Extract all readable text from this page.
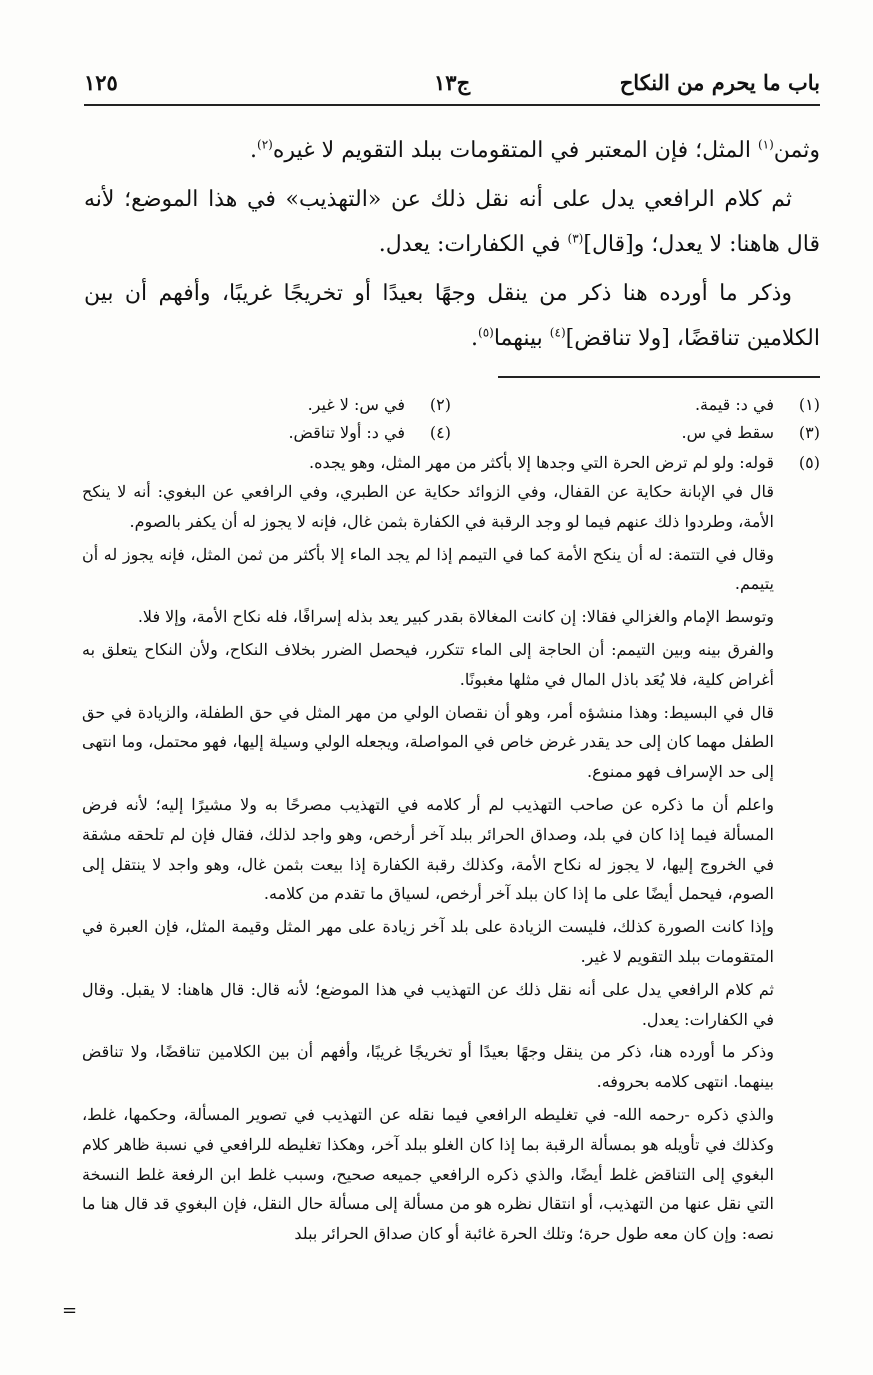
باب ما يحرم من النكاح
ج١٣
١٢٥

وثمن$^{(١)}$ المثل؛ فإن المعتبر في المتقومات ببلد التقويم لا غيره$^{(٢)}$.

ثم كلام الرافعي يدل على أنه نقل ذلك عن «التهذيب» في هذا الموضع؛ لأنه قال هاهنا: لا يعدل؛ و[قال]$^{(٣)}$ في الكفارات: يعدل.

وذكر ما أورده هنا ذكر من ينقل وجهًا بعيدًا أو تخريجًا غريبًا، وأفهم أن بين الكلامين تناقضًا، [ولا تناقض]$^{(٤)}$ بينهما$^{(٥)}$.

(١)في د: قيمة.
(٢)في س: لا غير.
(٣)سقط في س.
(٤)في د: أولا تناقض.
(٥)قوله: ولو لم ترض الحرة التي وجدها إلا بأكثر من مهر المثل، وهو يجده.

قال في الإبانة حكاية عن القفال، وفي الزوائد حكاية عن الطبري، وفي الرافعي عن البغوي: أنه لا ينكح الأمة، وطردوا ذلك عنهم فيما لو وجد الرقبة في الكفارة بثمن غال، فإنه لا يجوز له أن يكفر بالصوم.

وقال في التتمة: له أن ينكح الأمة كما في التيمم إذا لم يجد الماء إلا بأكثر من ثمن المثل، فإنه يجوز له أن يتيمم.

وتوسط الإمام والغزالي فقالا: إن كانت المغالاة بقدر كبير يعد بذله إسرافًا، فله نكاح الأمة، وإلا فلا.

والفرق بينه وبين التيمم: أن الحاجة إلى الماء تتكرر، فيحصل الضرر بخلاف النكاح، ولأن النكاح يتعلق به أغراض كلية، فلا يُعَد باذل المال في مثلها مغبونًا.

قال في البسيط: وهذا منشؤه أمر، وهو أن نقصان الولي من مهر المثل في حق الطفلة، والزيادة في حق الطفل مهما كان إلى حد يقدر غرض خاص في المواصلة، ويجعله الولي وسيلة إليها، فهو محتمل، وما انتهى إلى حد الإسراف فهو ممنوع.

واعلم أن ما ذكره عن صاحب التهذيب لم أر كلامه في التهذيب مصرحًا به ولا مشيرًا إليه؛ لأنه فرض المسألة فيما إذا كان في بلد، وصداق الحرائر ببلد آخر أرخص، وهو واجد لذلك، فقال فإن لم تلحقه مشقة في الخروج إليها، لا يجوز له نكاح الأمة، وكذلك رقبة الكفارة إذا بيعت بثمن غال، وهو واجد لا ينتقل إلى الصوم، فيحمل أيضًا على ما إذا كان ببلد آخر أرخص، لسياق ما تقدم من كلامه.

وإذا كانت الصورة كذلك، فليست الزيادة على بلد آخر زيادة على مهر المثل وقيمة المثل، فإن العبرة في المتقومات ببلد التقويم لا غير.

ثم كلام الرافعي يدل على أنه نقل ذلك عن التهذيب في هذا الموضع؛ لأنه قال: قال هاهنا: لا يقبل. وقال في الكفارات: يعدل.

وذكر ما أورده هنا، ذكر من ينقل وجهًا بعيدًا أو تخريجًا غريبًا، وأفهم أن بين الكلامين تناقضًا، ولا تناقض بينهما. انتهى كلامه بحروفه.

والذي ذكره -رحمه الله- في تغليطه الرافعي فيما نقله عن التهذيب في تصوير المسألة، وحكمها، غلط، وكذلك في تأويله هو بمسألة الرقبة بما إذا كان الغلو ببلد آخر، وهكذا تغليطه للرافعي في نسبة ظاهر كلام البغوي إلى التناقض غلط أيضًا، والذي ذكره الرافعي جميعه صحيح، وسبب غلط ابن الرفعة غلط النسخة التي نقل عنها من التهذيب، أو انتقال نظره هو من مسألة إلى مسألة حال النقل، فإن البغوي قد قال هنا ما نصه: وإن كان معه طول حرة؛ وتلك الحرة غائبة أو كان صداق الحرائر ببلد

=
